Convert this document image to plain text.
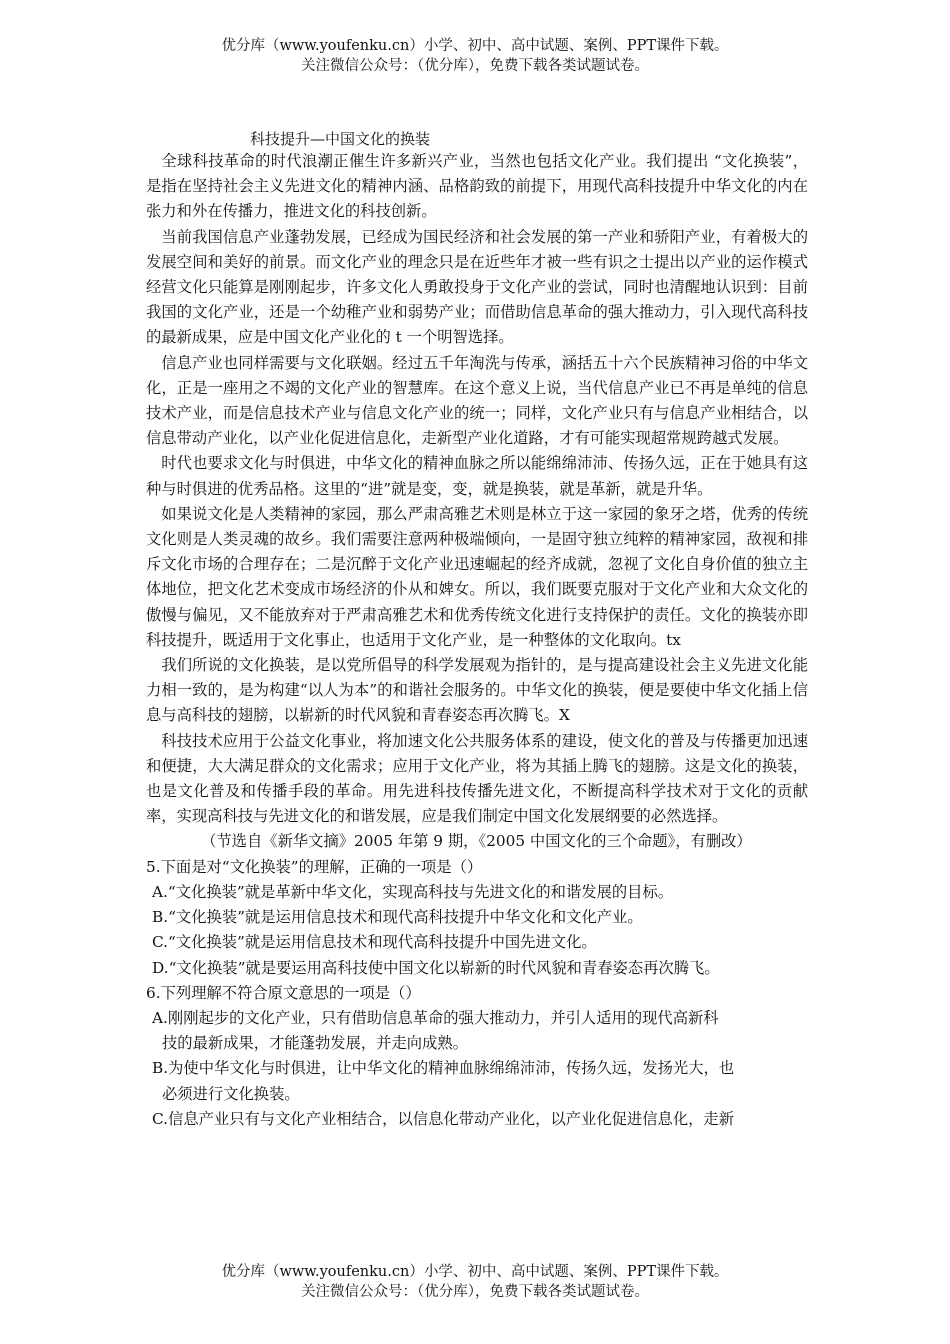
优分库（www.youfenku.cn）小学、初中、高中试题、案例、PPT课件下载。
关注微信公众号：（优分库），免费下载各类试题试卷。
科技提升—中国文化的换装

全球科技革命的时代浪潮正催生许多新兴产业，当然也包括文化产业。我们提出 “文化换装”，是指在坚持社会主义先进文化的精神内涵、品格韵致的前提下，用现代高科技提升中华文化的内在张力和外在传播力，推进文化的科技创新。

当前我国信息产业蓬勃发展，已经成为国民经济和社会发展的第一产业和骄阳产业，有着极大的发展空间和美好的前景。而文化产业的理念只是在近些年才被一些有识之士提出以产业的运作模式经营文化只能算是刚刚起步，许多文化人勇敢投身于文化产业的尝试，同时也清醒地认识到：目前我国的文化产业，还是一个幼稚产业和弱势产业；而借助信息革命的强大推动力，引入现代高科技的最新成果，应是中国文化产业化的 t 一个明智选择。

信息产业也同样需要与文化联姻。经过五千年淘洗与传承，涵括五十六个民族精神习俗的中华文化，正是一座用之不竭的文化产业的智慧库。在这个意义上说，当代信息产业已不再是单纯的信息技术产业，而是信息技术产业与信息文化产业的统一；同样，文化产业只有与信息产业相结合，以信息带动产业化，以产业化促进信息化，走新型产业化道路，才有可能实现超常规跨越式发展。

时代也要求文化与时俱进，中华文化的精神血脉之所以能绵绵沛沛、传扬久远，正在于她具有这种与时俱进的优秀品格。这里的“进”就是变，变，就是换装，就是革新，就是升华。

如果说文化是人类精神的家园，那么严肃高雅艺术则是林立于这一家园的象牙之塔，优秀的传统文化则是人类灵魂的故乡。我们需要注意两种极端倾向，一是固守独立纯粹的精神家园，敌视和排斥文化市场的合理存在；二是沉醉于文化产业迅速崛起的经齐成就，忽视了文化自身价值的独立主体地位，把文化艺术变成市场经济的仆从和婢女。所以，我们既要克服对于文化产业和大众文化的傲慢与偏见，又不能放弃对于严肃高雅艺术和优秀传统文化进行支持保护的责任。文化的换装亦即科技提升，既适用于文化事止，也适用于文化产业，是一种整体的文化取向。tx

我们所说的文化换装，是以党所倡导的科学发展观为指针的，是与提高建设社会主义先进文化能力相一致的，是为构建“以人为本”的和谐社会服务的。中华文化的换装，便是要使中华文化插上信息与高科技的翅膀，以崭新的时代风貌和青春姿态再次腾飞。X

科技技术应用于公益文化事业，将加速文化公共服务体系的建设，使文化的普及与传播更加迅速和便捷，大大满足群众的文化需求；应用于文化产业，将为其插上腾飞的翅膀。这是文化的换装，也是文化普及和传播手段的革命。用先进科技传播先进文化，不断提高科学技术对于文化的贡献率，实现高科技与先进文化的和谐发展，应是我们制定中国文化发展纲要的必然选择。

（节选自《新华文摘》2005 年第 9 期，《2005 中国文化的三个命题》，有删改）

5.下面是对“文化换装”的理解，正确的一项是（）

A.“文化换装”就是革新中华文化，实现高科技与先进文化的和谐发展的目标。

B.“文化换装”就是运用信息技术和现代高科技提升中华文化和文化产业。

C.“文化换装”就是运用信息技术和现代高科技提升中国先进文化。

D.“文化换装”就是要运用高科技使中国文化以崭新的时代风貌和青春姿态再次腾飞。

6.下列理解不符合原文意思的一项是（）

A.刚刚起步的文化产业，只有借助信息革命的强大推动力，并引人适用的现代高新科

技的最新成果，才能蓬勃发展，并走向成熟。

B.为使中华文化与时俱进，让中华文化的精神血脉绵绵沛沛，传扬久远，发扬光大，也

必须进行文化换装。

C.信息产业只有与文化产业相结合，以信息化带动产业化，以产业化促进信息化，走新

优分库（www.youfenku.cn）小学、初中、高中试题、案例、PPT课件下载。
关注微信公众号：（优分库），免费下载各类试题试卷。
